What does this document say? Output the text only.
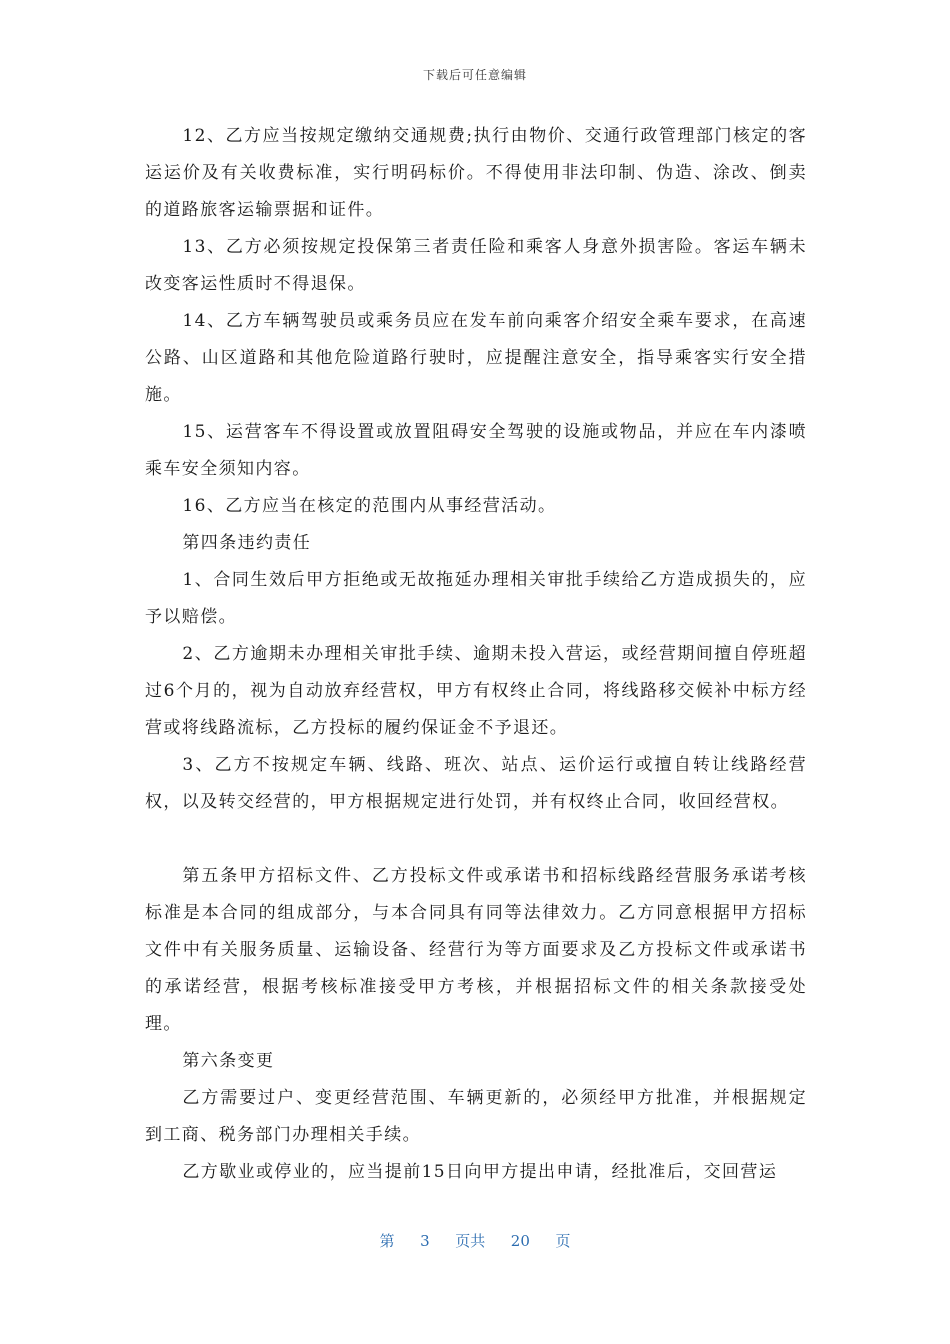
下载后可任意编辑

12、乙方应当按规定缴纳交通规费;执行由物价、交通行政管理部门核定的客运运价及有关收费标准，实行明码标价。不得使用非法印制、伪造、涂改、倒卖的道路旅客运输票据和证件。

13、乙方必须按规定投保第三者责任险和乘客人身意外损害险。客运车辆未改变客运性质时不得退保。

14、乙方车辆驾驶员或乘务员应在发车前向乘客介绍安全乘车要求，在高速公路、山区道路和其他危险道路行驶时，应提醒注意安全，指导乘客实行安全措施。

15、运营客车不得设置或放置阻碍安全驾驶的设施或物品，并应在车内漆喷乘车安全须知内容。

16、乙方应当在核定的范围内从事经营活动。

第四条违约责任

1、合同生效后甲方拒绝或无故拖延办理相关审批手续给乙方造成损失的，应予以赔偿。

2、乙方逾期未办理相关审批手续、逾期未投入营运，或经营期间擅自停班超过6个月的，视为自动放弃经营权，甲方有权终止合同，将线路移交候补中标方经营或将线路流标，乙方投标的履约保证金不予退还。

3、乙方不按规定车辆、线路、班次、站点、运价运行或擅自转让线路经营权，以及转交经营的，甲方根据规定进行处罚，并有权终止合同，收回经营权。

第五条甲方招标文件、乙方投标文件或承诺书和招标线路经营服务承诺考核标准是本合同的组成部分，与本合同具有同等法律效力。乙方同意根据甲方招标文件中有关服务质量、运输设备、经营行为等方面要求及乙方投标文件或承诺书的承诺经营，根据考核标准接受甲方考核，并根据招标文件的相关条款接受处理。

第六条变更

乙方需要过户、变更经营范围、车辆更新的，必须经甲方批准，并根据规定到工商、税务部门办理相关手续。

乙方歇业或停业的，应当提前15日向甲方提出申请，经批准后，交回营运

第 3 页共 20 页
